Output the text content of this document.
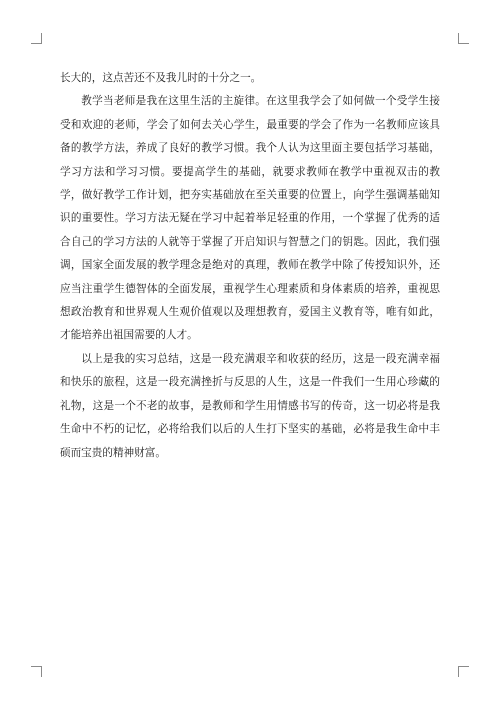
长大的，这点苦还不及我儿时的十分之一。

教学当老师是我在这里生活的主旋律。在这里我学会了如何做一个受学生接受和欢迎的老师，学会了如何去关心学生，最重要的学会了作为一名教师应该具备的教学方法，养成了良好的教学习惯。我个人认为这里面主要包括学习基础，学习方法和学习习惯。要提高学生的基础，就要求教师在教学中重视双击的教学，做好教学工作计划，把夯实基础放在至关重要的位置上，向学生强调基础知识的重要性。学习方法无疑在学习中起着举足轻重的作用，一个掌握了优秀的适合自己的学习方法的人就等于掌握了开启知识与智慧之门的钥匙。因此，我们强调，国家全面发展的教学理念是绝对的真理，教师在教学中除了传授知识外，还应当注重学生德智体的全面发展，重视学生心理素质和身体素质的培养，重视思想政治教育和世界观人生观价值观以及理想教育，爱国主义教育等，唯有如此，才能培养出祖国需要的人才。

以上是我的实习总结，这是一段充满艰辛和收获的经历，这是一段充满幸福和快乐的旅程，这是一段充满挫折与反思的人生，这是一件我们一生用心珍藏的礼物，这是一个不老的故事，是教师和学生用情感书写的传奇，这一切必将是我生命中不朽的记忆，必将给我们以后的人生打下坚实的基础，必将是我生命中丰硕而宝贵的精神财富。
